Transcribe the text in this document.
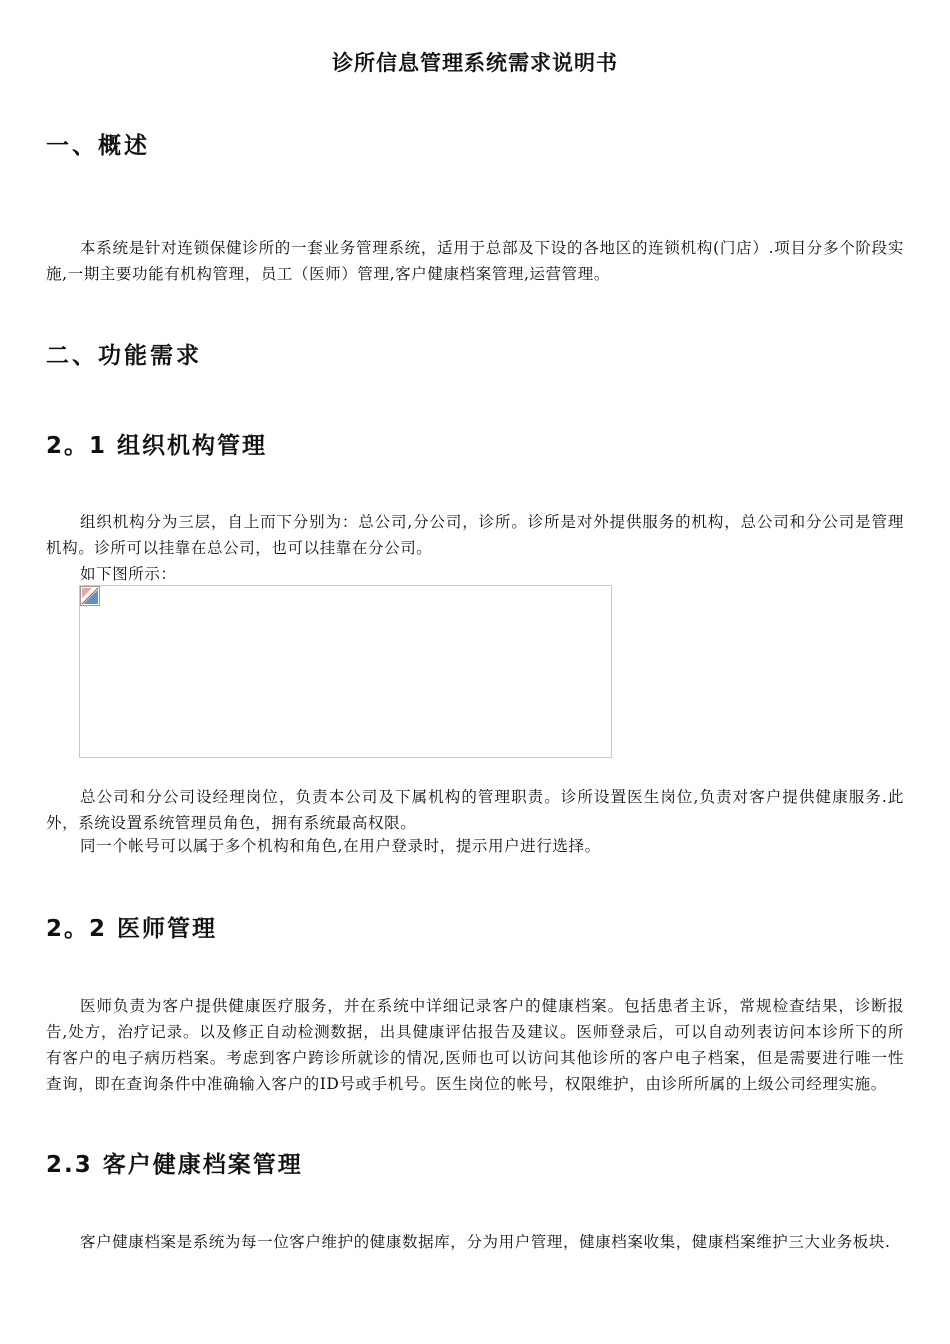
诊所信息管理系统需求说明书
一、概述

本系统是针对连锁保健诊所的一套业务管理系统，适用于总部及下设的各地区的连锁机构(门店）.项目分多个阶段实施,一期主要功能有机构管理，员工（医师）管理,客户健康档案管理,运营管理。

二、功能需求
2。1 组织机构管理

组织机构分为三层，自上而下分别为：总公司,分公司，诊所。诊所是对外提供服务的机构，总公司和分公司是管理机构。诊所可以挂靠在总公司，也可以挂靠在分公司。

如下图所示：

总公司和分公司设经理岗位，负责本公司及下属机构的管理职责。诊所设置医生岗位,负责对客户提供健康服务.此外，系统设置系统管理员角色，拥有系统最高权限。

同一个帐号可以属于多个机构和角色,在用户登录时，提示用户进行选择。

2。2 医师管理

医师负责为客户提供健康医疗服务，并在系统中详细记录客户的健康档案。包括患者主诉，常规检查结果，诊断报告,处方，治疗记录。以及修正自动检测数据，出具健康评估报告及建议。医师登录后，可以自动列表访问本诊所下的所有客户的电子病历档案。考虑到客户跨诊所就诊的情况,医师也可以访问其他诊所的客户电子档案，但是需要进行唯一性查询，即在查询条件中准确输入客户的ID号或手机号。医生岗位的帐号，权限维护，由诊所所属的上级公司经理实施。

2.3 客户健康档案管理

客户健康档案是系统为每一位客户维护的健康数据库，分为用户管理，健康档案收集，健康档案维护三大业务板块.
